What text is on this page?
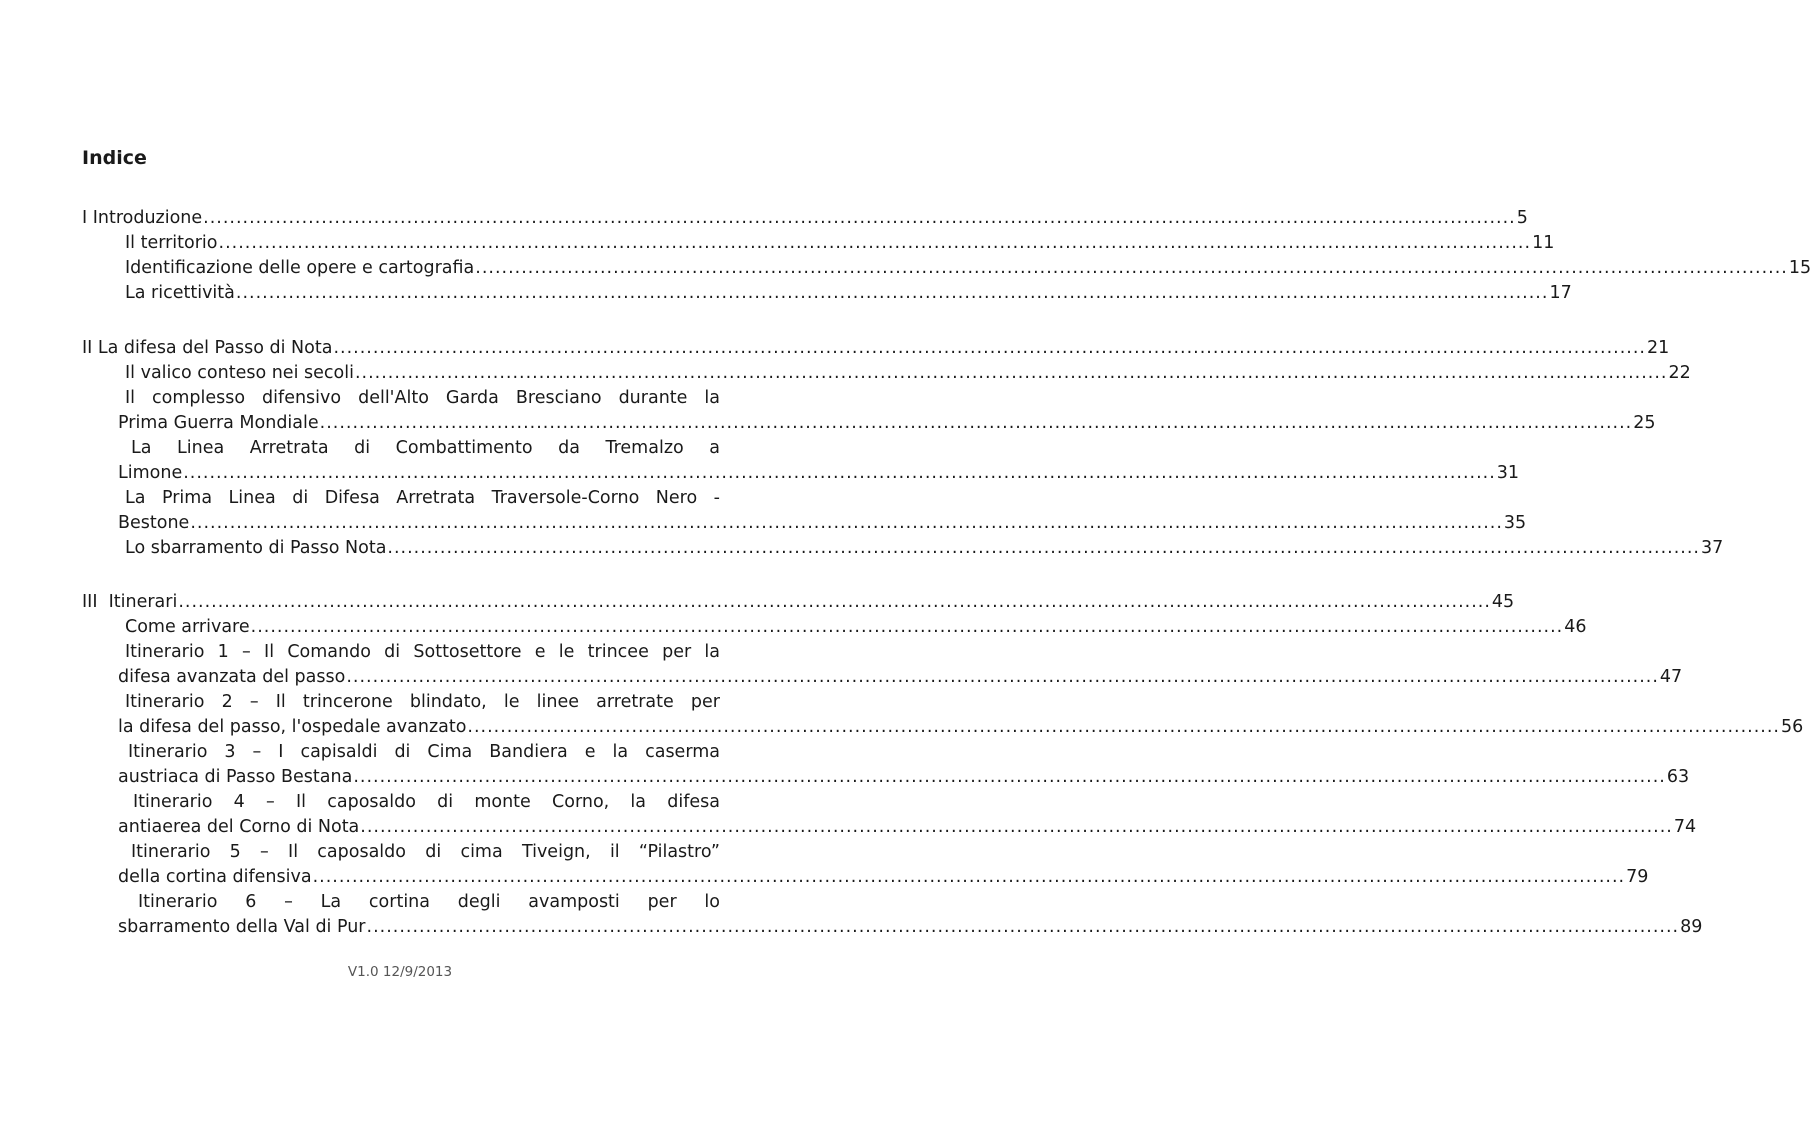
Indice
I Introduzione ........................................................................................................................................................................................................ 5
Il territorio ........................................................................................................................................................................................................ 11
Identificazione delle opere e cartografia ........................................................................................................................................................................................................ 15
La ricettività ........................................................................................................................................................................................................ 17
II La difesa del Passo di Nota ........................................................................................................................................................................................................ 21
Il valico conteso nei secoli ........................................................................................................................................................................................................ 22
Il complesso difensivo dell'Alto Garda Bresciano durante la
Prima Guerra Mondiale ........................................................................................................................................................................................................ 25
La Linea Arretrata di Combattimento da Tremalzo a
Limone ........................................................................................................................................................................................................ 31
La Prima Linea di Difesa Arretrata Traversole-Corno Nero -
Bestone ........................................................................................................................................................................................................ 35
Lo sbarramento di Passo Nota ........................................................................................................................................................................................................ 37
III  Itinerari ........................................................................................................................................................................................................ 45
Come arrivare ........................................................................................................................................................................................................ 46
Itinerario 1 – Il Comando di Sottosettore e le trincee per la
difesa avanzata del passo ........................................................................................................................................................................................................ 47
Itinerario 2 – Il trincerone blindato, le linee arretrate per
la difesa del passo, l'ospedale avanzato ........................................................................................................................................................................................................ 56
Itinerario 3 – I capisaldi di Cima Bandiera e la caserma
austriaca di Passo Bestana ........................................................................................................................................................................................................ 63
Itinerario 4 – Il caposaldo di monte Corno, la difesa
antiaerea del Corno di Nota ........................................................................................................................................................................................................ 74
Itinerario 5 – Il caposaldo di cima Tiveign, il “Pilastro”
della cortina difensiva ........................................................................................................................................................................................................ 79
Itinerario 6 – La cortina degli avamposti per lo
sbarramento della Val di Pur ........................................................................................................................................................................................................ 89
V1.0 12/9/2013
